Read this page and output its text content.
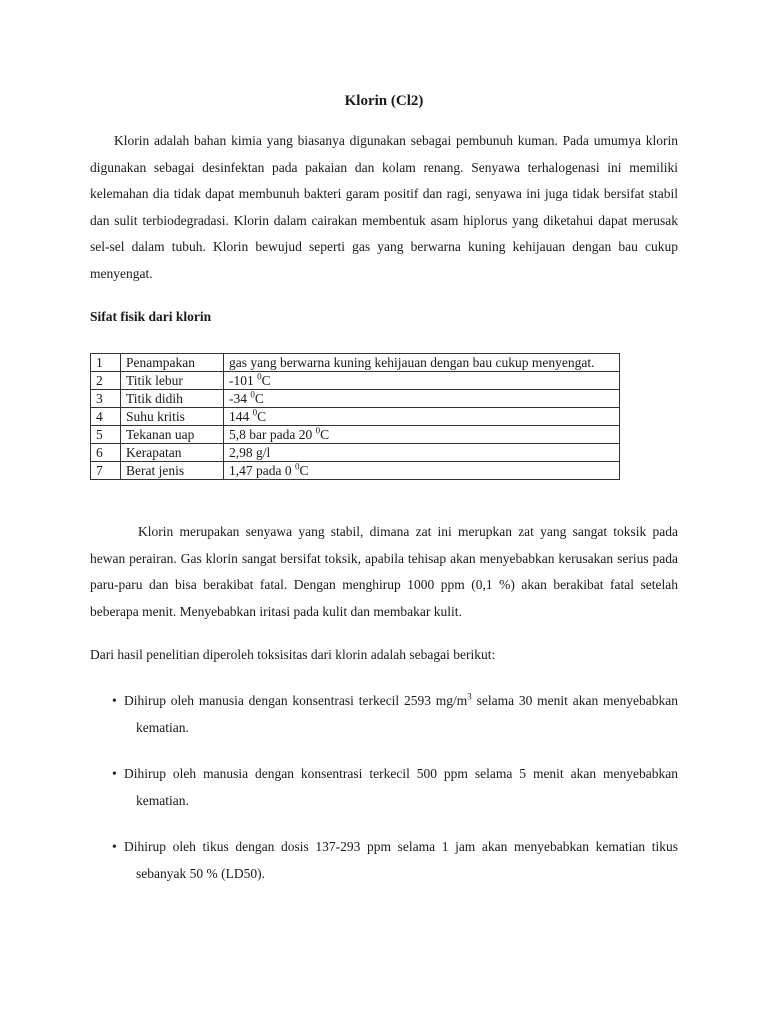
Klorin (Cl2)

Klorin adalah bahan kimia yang biasanya digunakan sebagai pembunuh kuman. Pada umumya klorin digunakan sebagai desinfektan pada pakaian dan kolam renang. Senyawa terhalogenasi ini memiliki kelemahan dia tidak dapat membunuh bakteri garam positif dan ragi, senyawa ini juga tidak bersifat stabil dan sulit terbiodegradasi. Klorin dalam cairakan membentuk asam hiplorus yang diketahui dapat merusak sel-sel dalam tubuh. Klorin bewujud seperti gas yang berwarna kuning kehijauan dengan bau cukup menyengat.

Sifat fisik dari klorin
1	Penampakan	gas yang berwarna kuning kehijauan dengan bau cukup menyengat.
2	Titik lebur	-101 $^0$C
3	Titik didih	-34 $^0$C
4	Suhu kritis	144 $^0$C
5	Tekanan uap	5,8 bar pada 20 $^0$C
6	Kerapatan	2,98 g/l
7	Berat jenis	1,47 pada 0 $^0$C

Klorin merupakan senyawa yang stabil, dimana zat ini merupkan zat yang sangat toksik pada hewan perairan. Gas klorin sangat bersifat toksik, apabila tehisap akan menyebabkan kerusakan serius pada paru-paru dan bisa berakibat fatal. Dengan menghirup 1000 ppm (0,1 %) akan berakibat fatal setelah beberapa menit. Menyebabkan iritasi pada kulit dan membakar kulit.

Dari hasil penelitian diperoleh toksisitas dari klorin adalah sebagai berikut:

• Dihirup oleh manusia dengan konsentrasi terkecil 2593 $mg/m^3$ selama 30 menit akan menyebabkan kematian.
• Dihirup oleh manusia dengan konsentrasi terkecil 500 ppm selama 5 menit akan menyebabkan kematian.
• Dihirup oleh tikus dengan dosis 137-293 ppm selama 1 jam akan menyebabkan kematian tikus sebanyak 50 % (LD50).
